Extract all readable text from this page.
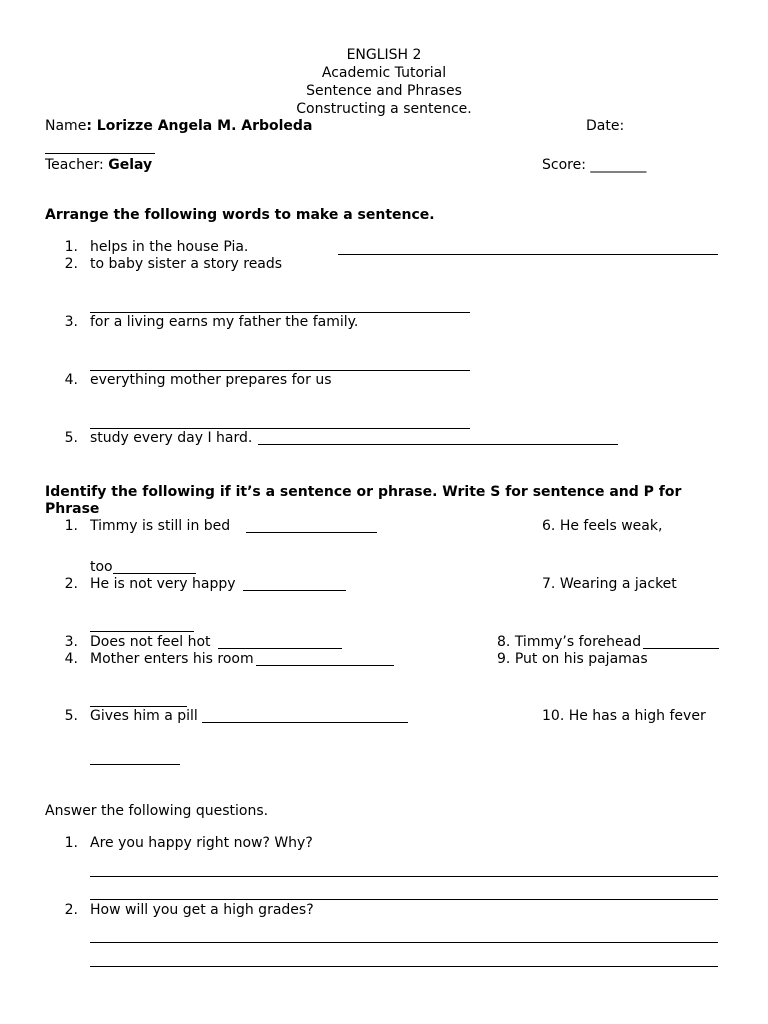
ENGLISH 2
Academic Tutorial
Sentence and Phrases
Constructing a sentence.
Name: Lorizze Angela M. Arboleda	Date:
Teacher: Gelay	Score: ________
Arrange the following words to make a sentence.
1. helps in the house Pia.
2. to baby sister a story reads
3. for a living earns my father the family.
4. everything mother prepares for us
5. study every day I hard.
Identify the following if it’s a sentence or phrase. Write S for sentence and P for Phrase
1. Timmy is still in bed	6. He feels weak,
too
2. He is not very happy	7. Wearing a jacket
3. Does not feel hot	8. Timmy’s forehead
4. Mother enters his room	9. Put on his pajamas
5. Gives him a pill	10. He has a high fever
Answer the following questions.
1. Are you happy right now? Why?
2. How will you get a high grades?
